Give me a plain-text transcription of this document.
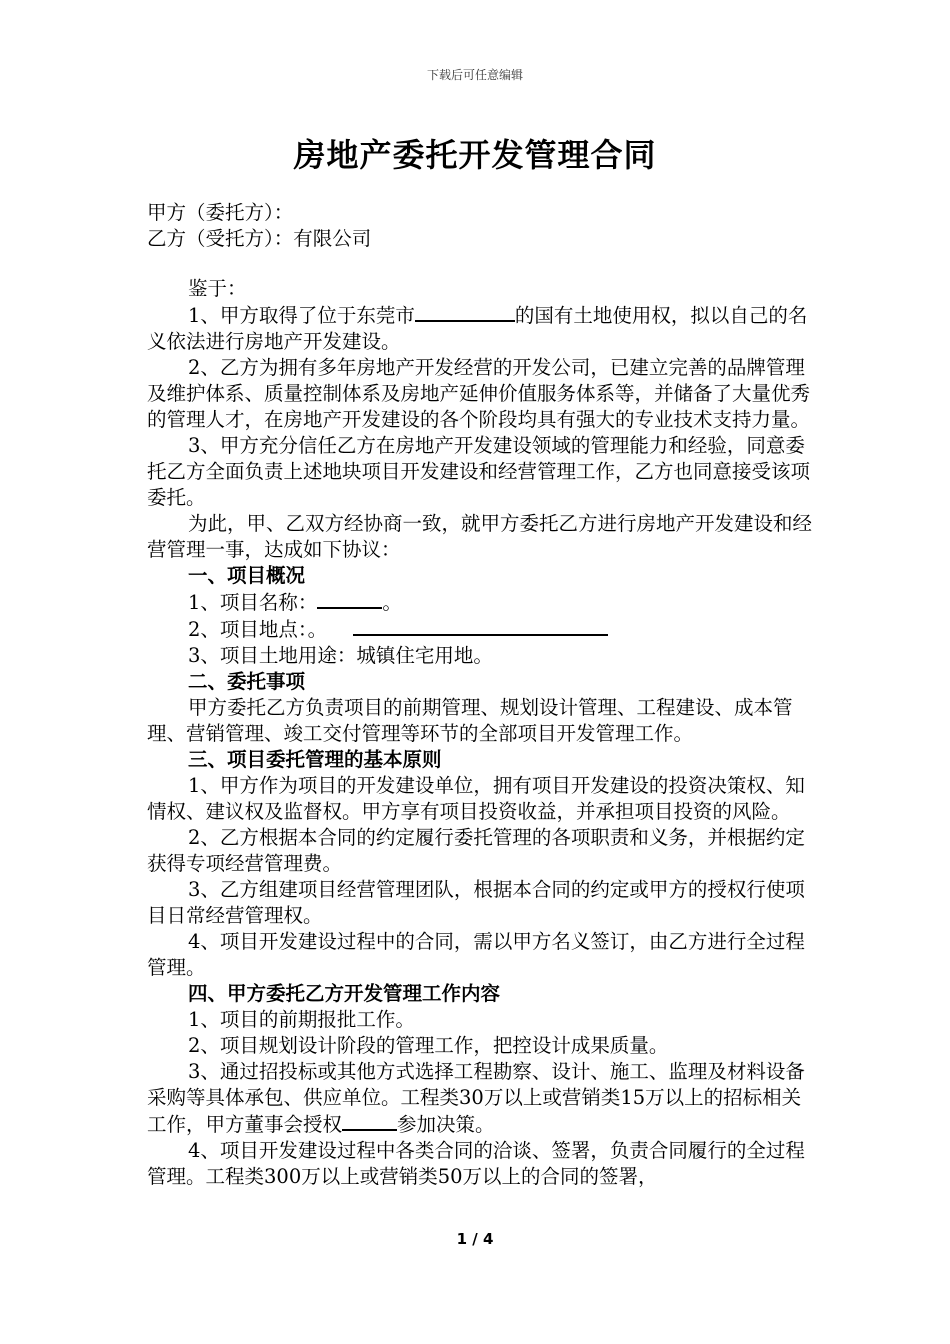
下载后可任意编辑
房地产委托开发管理合同

甲方（委托方）：

乙方（受托方）：有限公司

鉴于：

1、甲方取得了位于东莞市	的国有土地使用权，拟以自己的名义依法进行房地产开发建设。

2、乙方为拥有多年房地产开发经营的开发公司，已建立完善的品牌管理及维护体系、质量控制体系及房地产延伸价值服务体系等，并储备了大量优秀的管理人才，在房地产开发建设的各个阶段均具有强大的专业技术支持力量。

3、甲方充分信任乙方在房地产开发建设领域的管理能力和经验，同意委托乙方全面负责上述地块项目开发建设和经营管理工作，乙方也同意接受该项委托。

为此，甲、乙双方经协商一致，就甲方委托乙方进行房地产开发建设和经营管理一事，达成如下协议：

一、项目概况

1、项目名称：	。

2、项目地点：。

3、项目土地用途：城镇住宅用地。

二、委托事项

甲方委托乙方负责项目的前期管理、规划设计管理、工程建设、成本管理、营销管理、竣工交付管理等环节的全部项目开发管理工作。

三、项目委托管理的基本原则

1、甲方作为项目的开发建设单位，拥有项目开发建设的投资决策权、知情权、建议权及监督权。甲方享有项目投资收益，并承担项目投资的风险。

2、乙方根据本合同的约定履行委托管理的各项职责和义务，并根据约定获得专项经营管理费。

3、乙方组建项目经营管理团队，根据本合同的约定或甲方的授权行使项目日常经营管理权。

4、项目开发建设过程中的合同，需以甲方名义签订，由乙方进行全过程管理。

四、甲方委托乙方开发管理工作内容

1、项目的前期报批工作。

2、项目规划设计阶段的管理工作，把控设计成果质量。

3、通过招投标或其他方式选择工程勘察、设计、施工、监理及材料设备采购等具体承包、供应单位。工程类30万以上或营销类15万以上的招标相关工作，甲方董事会授权	参加决策。

4、项目开发建设过程中各类合同的洽谈、签署，负责合同履行的全过程管理。工程类300万以上或营销类50万以上的合同的签署，

1 / 4
